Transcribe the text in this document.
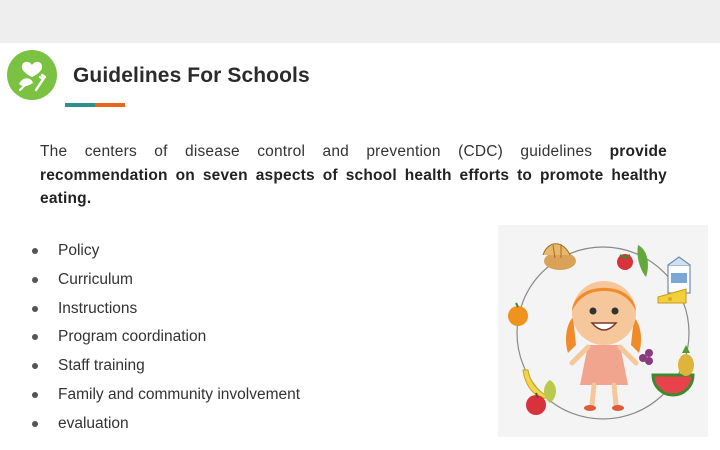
Guidelines For Schools

The centers of disease control and prevention (CDC) guidelines provide recommendation on seven aspects of school health efforts to promote healthy eating.

Policy
Curriculum
Instructions
Program coordination
Staff training
Family and community involvement
evaluation
